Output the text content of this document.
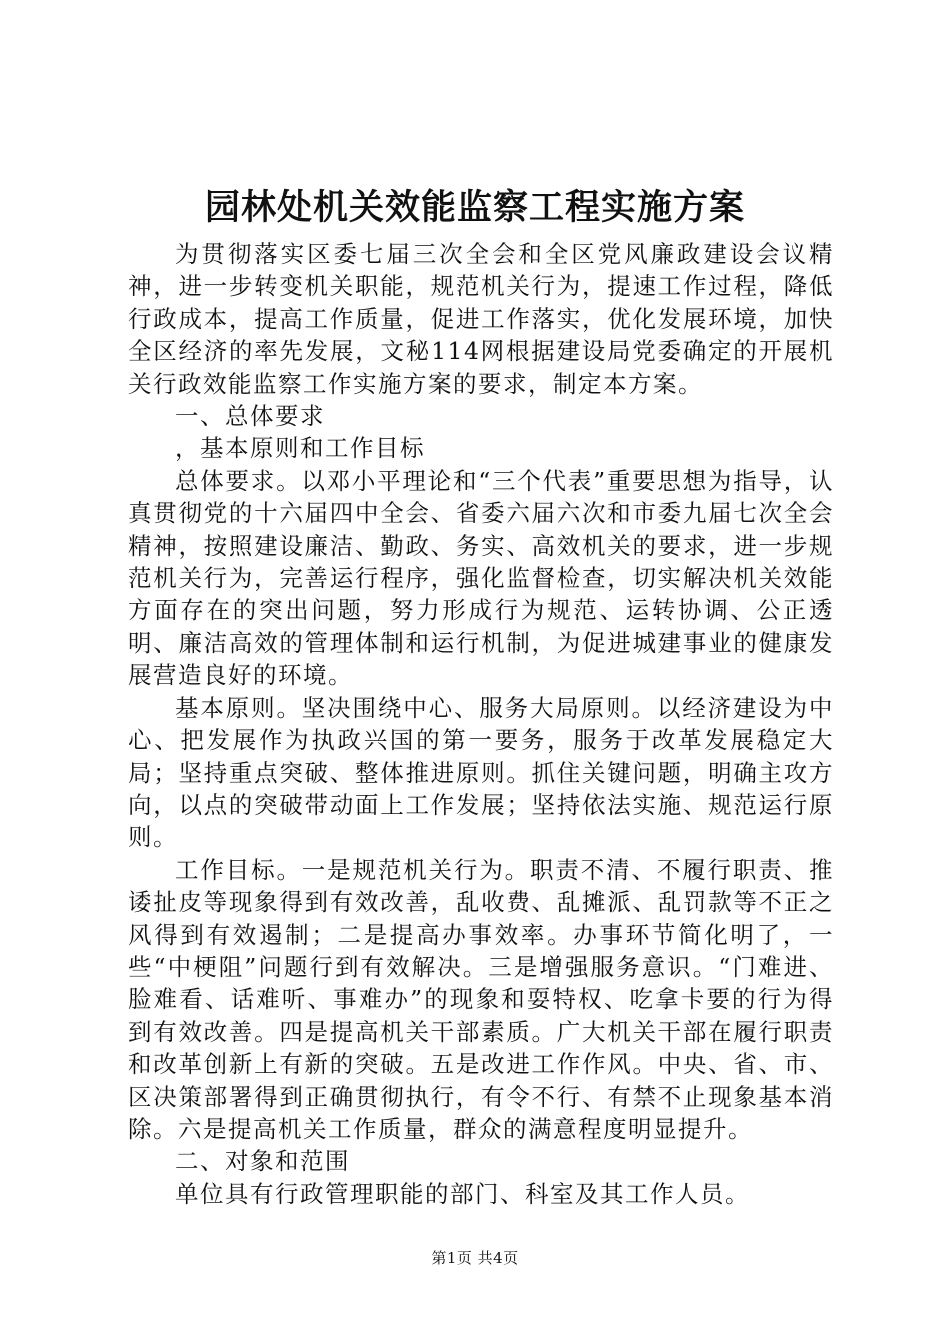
园林处机关效能监察工程实施方案

为贯彻落实区委七届三次全会和全区党风廉政建设会议精神，进一步转变机关职能，规范机关行为，提速工作过程，降低行政成本，提高工作质量，促进工作落实，优化发展环境，加快全区经济的率先发展，文秘114网根据建设局党委确定的开展机关行政效能监察工作实施方案的要求，制定本方案。

一、总体要求

，基本原则和工作目标

总体要求。以邓小平理论和“三个代表”重要思想为指导，认真贯彻党的十六届四中全会、省委六届六次和市委九届七次全会精神，按照建设廉洁、勤政、务实、高效机关的要求，进一步规范机关行为，完善运行程序，强化监督检查，切实解决机关效能方面存在的突出问题，努力形成行为规范、运转协调、公正透明、廉洁高效的管理体制和运行机制，为促进城建事业的健康发展营造良好的环境。

基本原则。坚决围绕中心、服务大局原则。以经济建设为中心、把发展作为执政兴国的第一要务，服务于改革发展稳定大局；坚持重点突破、整体推进原则。抓住关键问题，明确主攻方向，以点的突破带动面上工作发展；坚持依法实施、规范运行原则。

工作目标。一是规范机关行为。职责不清、不履行职责、推诿扯皮等现象得到有效改善，乱收费、乱摊派、乱罚款等不正之风得到有效遏制；二是提高办事效率。办事环节简化明了，一些“中梗阻”问题行到有效解决。三是增强服务意识。“门难进、脸难看、话难听、事难办”的现象和耍特权、吃拿卡要的行为得到有效改善。四是提高机关干部素质。广大机关干部在履行职责和改革创新上有新的突破。五是改进工作作风。中央、省、市、区决策部署得到正确贯彻执行，有令不行、有禁不止现象基本消除。六是提高机关工作质量，群众的满意程度明显提升。

二、对象和范围

单位具有行政管理职能的部门、科室及其工作人员。

第1页 共4页
